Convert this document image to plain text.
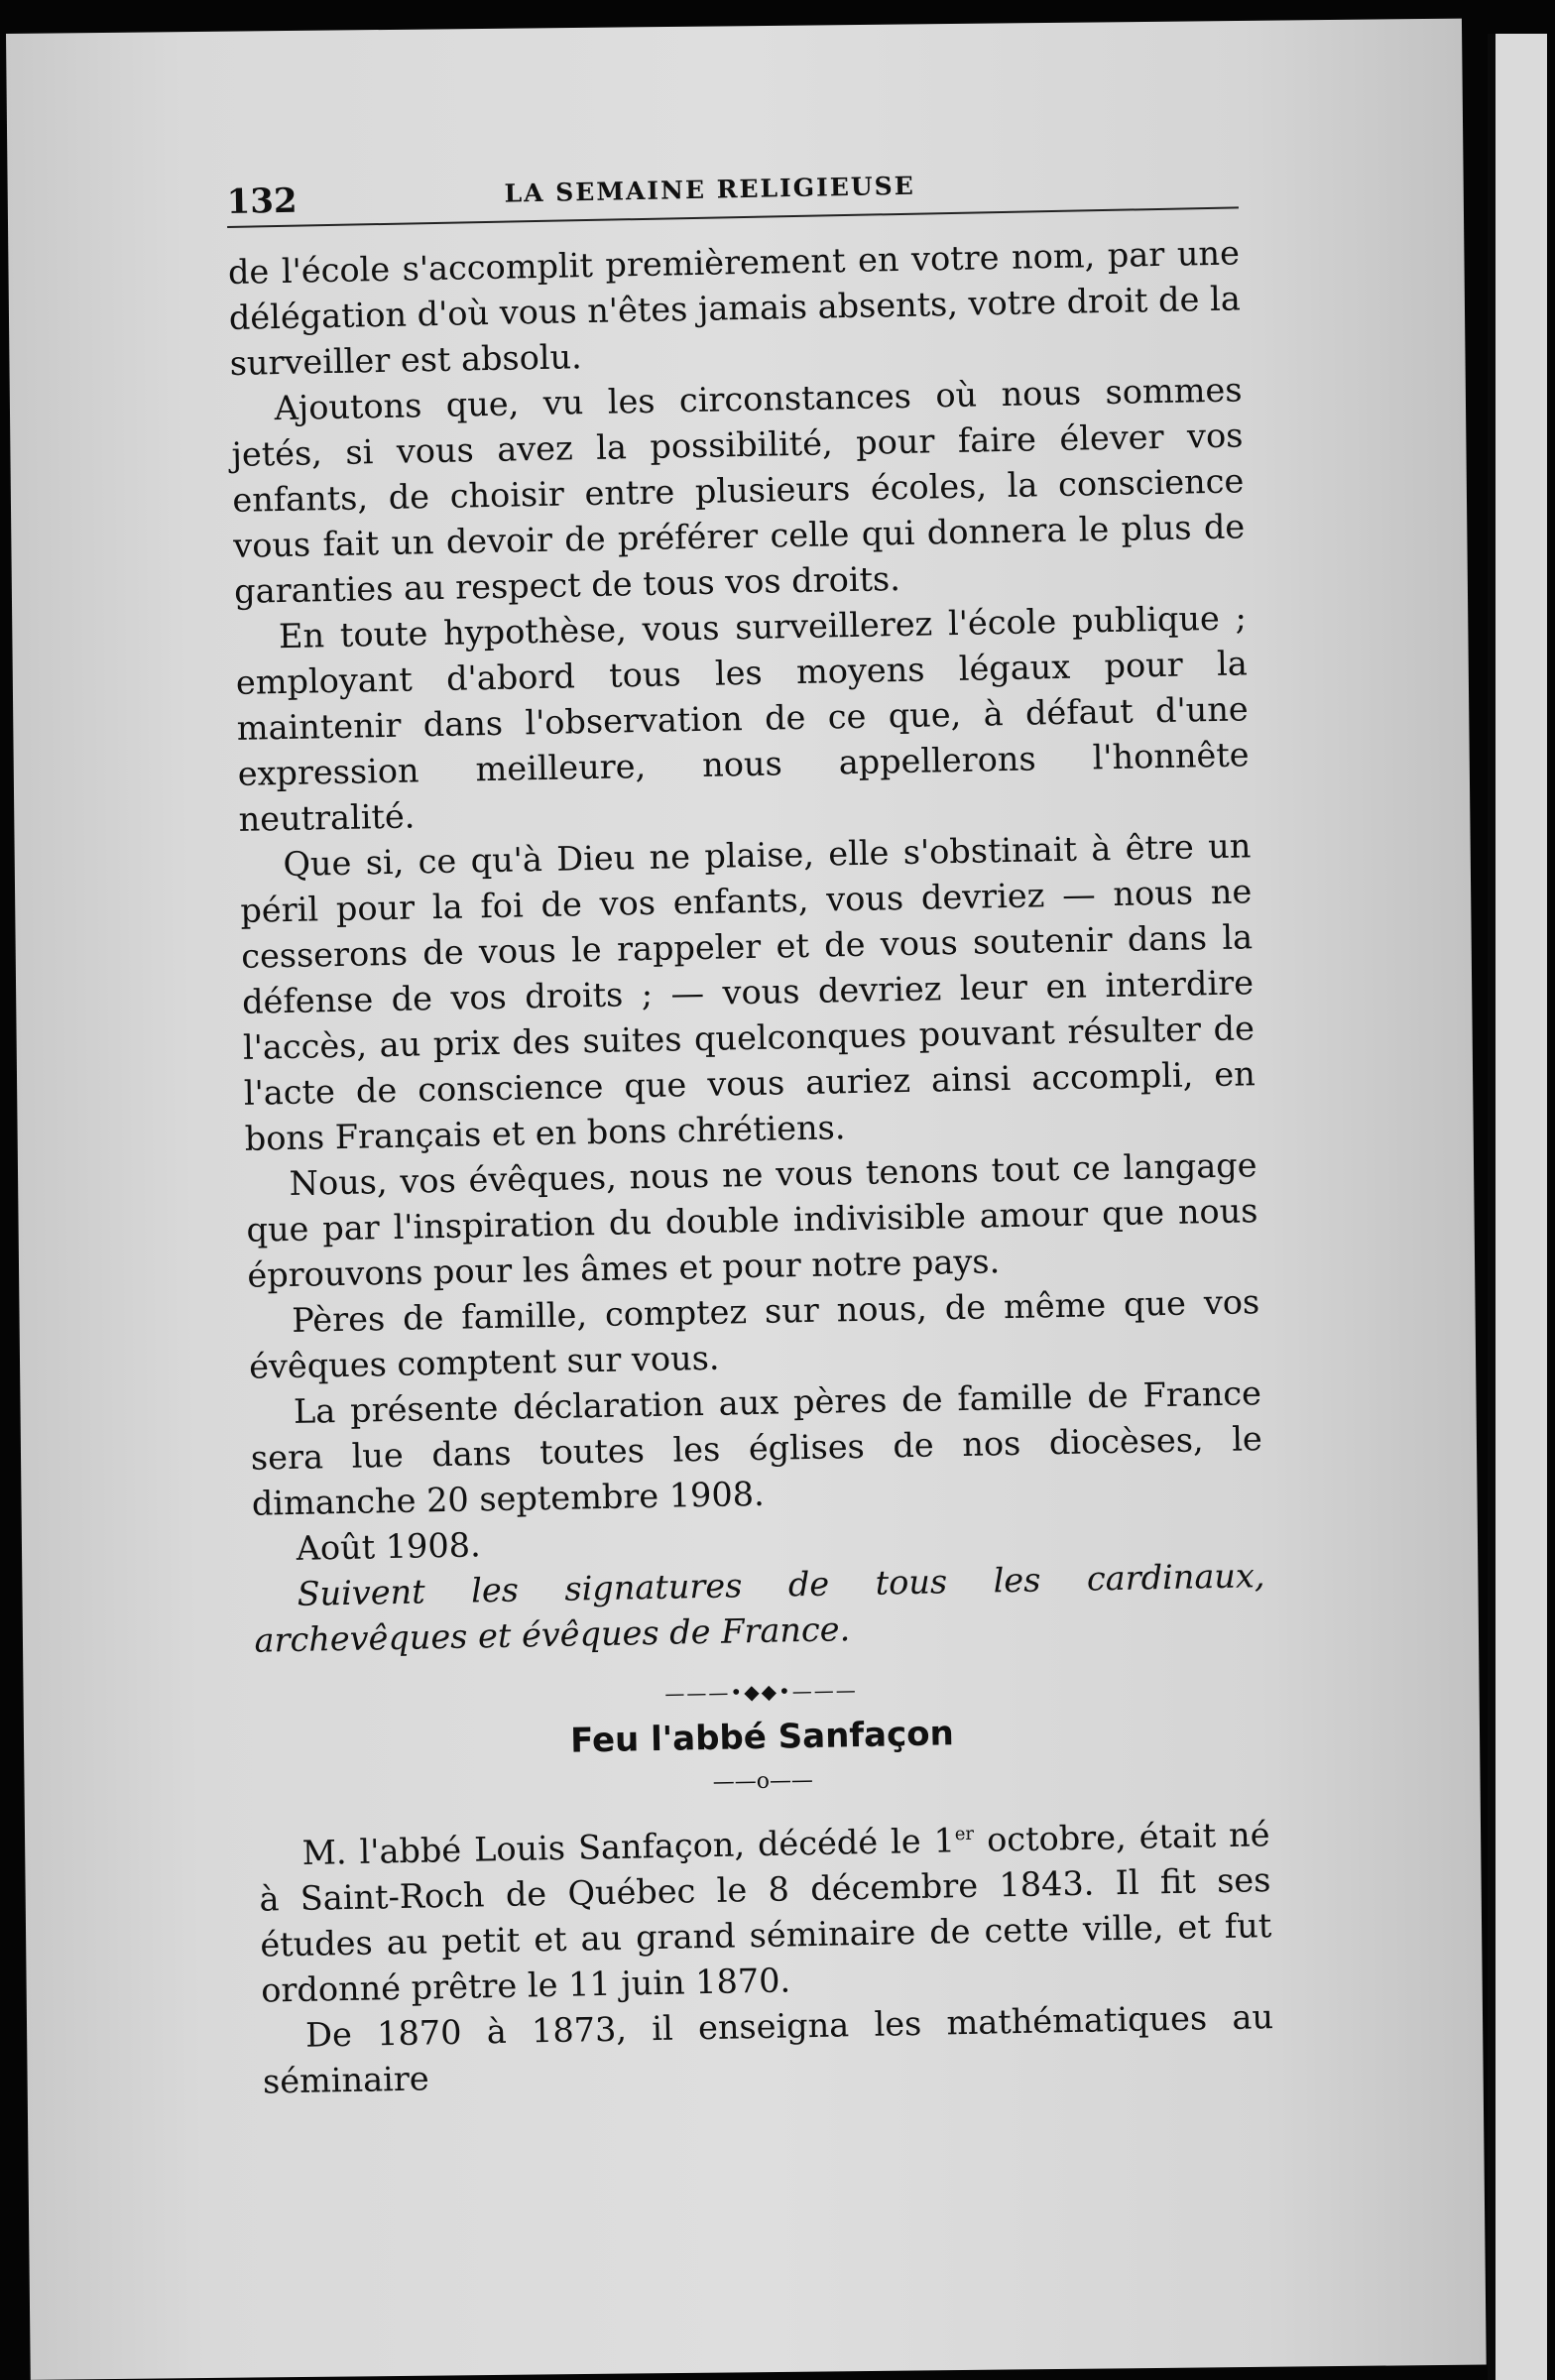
132	LA SEMAINE RELIGIEUSE

de l'école s'accomplit premièrement en votre nom, par une délégation d'où vous n'êtes jamais absents, votre droit de la surveiller est absolu.

Ajoutons que, vu les circonstances où nous sommes jetés, si vous avez la possibilité, pour faire élever vos enfants, de choisir entre plusieurs écoles, la conscience vous fait un devoir de préférer celle qui donnera le plus de garanties au respect de tous vos droits.

En toute hypothèse, vous surveillerez l'école publique ; employant d'abord tous les moyens légaux pour la maintenir dans l'observation de ce que, à défaut d'une expression meilleure, nous appellerons l'honnête neutralité.

Que si, ce qu'à Dieu ne plaise, elle s'obstinait à être un péril pour la foi de vos enfants, vous devriez — nous ne cesserons de vous le rappeler et de vous soutenir dans la défense de vos droits ; — vous devriez leur en interdire l'accès, au prix des suites quelconques pouvant résulter de l'acte de conscience que vous auriez ainsi accompli, en bons Français et en bons chrétiens.

Nous, vos évêques, nous ne vous tenons tout ce langage que par l'inspiration du double indivisible amour que nous éprouvons pour les âmes et pour notre pays.

Pères de famille, comptez sur nous, de même que vos évêques comptent sur vous.

La présente déclaration aux pères de famille de France sera lue dans toutes les églises de nos diocèses, le dimanche 20 septembre 1908.

Août 1908.

Suivent les signatures de tous les cardinaux, archevêques et évêques de France.

———•◆◆•———
Feu l'abbé Sanfaçon
——o——

M. l'abbé Louis Sanfaçon, décédé le 1er octobre, était né à Saint-Roch de Québec le 8 décembre 1843. Il fit ses études au petit et au grand séminaire de cette ville, et fut ordonné prêtre le 11 juin 1870.

De 1870 à 1873, il enseigna les mathématiques au séminaire
